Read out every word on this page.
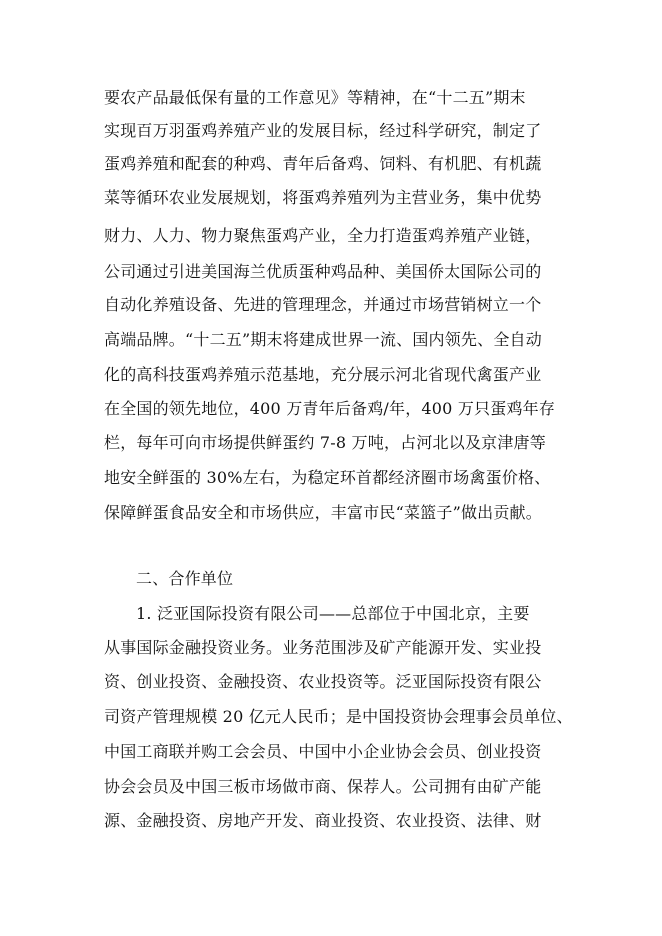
要农产品最低保有量的工作意见》等精神，在“十二五”期末
实现百万羽蛋鸡养殖产业的发展目标，经过科学研究，制定了
蛋鸡养殖和配套的种鸡、青年后备鸡、饲料、有机肥、有机蔬
菜等循环农业发展规划，将蛋鸡养殖列为主营业务，集中优势
财力、人力、物力聚焦蛋鸡产业，全力打造蛋鸡养殖产业链，
公司通过引进美国海兰优质蛋种鸡品种、美国侨太国际公司的
自动化养殖设备、先进的管理理念，并通过市场营销树立一个
高端品牌。“十二五”期末将建成世界一流、国内领先、全自动
化的高科技蛋鸡养殖示范基地，充分展示河北省现代禽蛋产业
在全国的领先地位，400 万青年后备鸡/年，400 万只蛋鸡年存
栏，每年可向市场提供鲜蛋约 7-8 万吨，占河北以及京津唐等
地安全鲜蛋的 30%左右，为稳定环首都经济圈市场禽蛋价格、
保障鲜蛋食品安全和市场供应，丰富市民“菜篮子”做出贡献。
二、合作单位
1. 泛亚国际投资有限公司——总部位于中国北京，主要
从事国际金融投资业务。业务范围涉及矿产能源开发、实业投
资、创业投资、金融投资、农业投资等。泛亚国际投资有限公
司资产管理规模 20 亿元人民币；是中国投资协会理事会员单位、
中国工商联并购工会会员、中国中小企业协会会员、创业投资
协会会员及中国三板市场做市商、保荐人。公司拥有由矿产能
源、金融投资、房地产开发、商业投资、农业投资、法律、财
